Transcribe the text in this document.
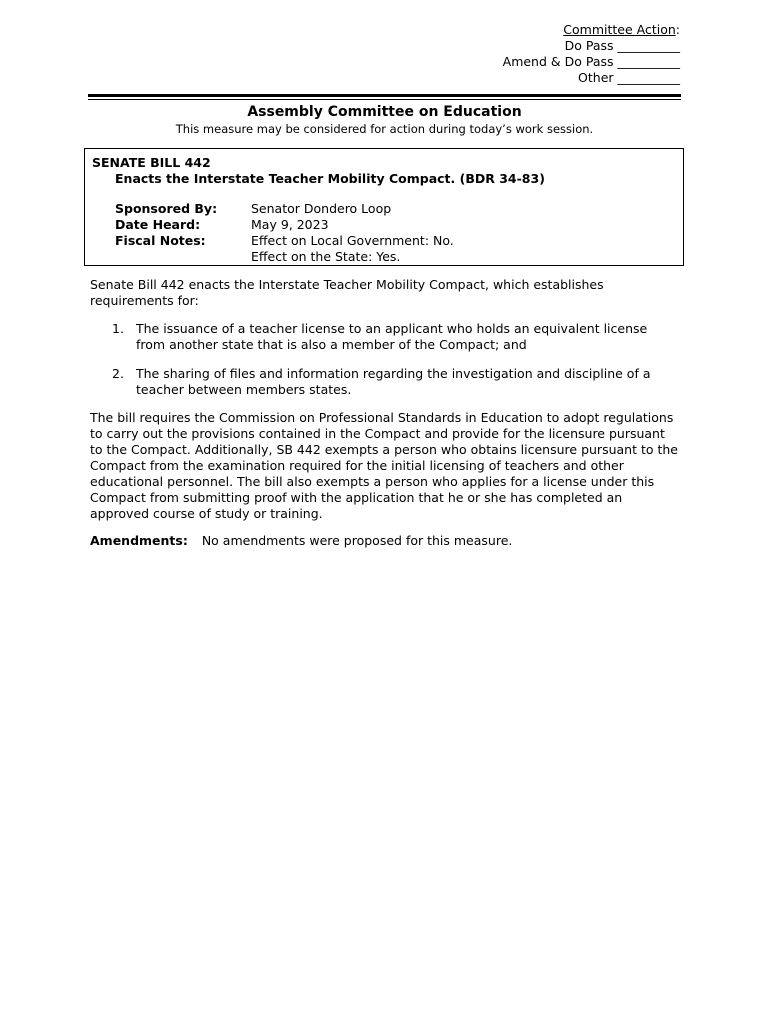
Committee Action:
Do Pass __________
Amend & Do Pass __________
Other __________
Assembly Committee on Education
This measure may be considered for action during today’s work session.
SENATE BILL 442
Enacts the Interstate Teacher Mobility Compact. (BDR 34-83)
Sponsored By:	Senator Dondero Loop
Date Heard:	May 9, 2023
Fiscal Notes:	Effect on Local Government: No.
Effect on the State: Yes.
Senate Bill 442 enacts the Interstate Teacher Mobility Compact, which establishes requirements for:
1. The issuance of a teacher license to an applicant who holds an equivalent license from another state that is also a member of the Compact; and
2. The sharing of files and information regarding the investigation and discipline of a teacher between members states.
The bill requires the Commission on Professional Standards in Education to adopt regulations to carry out the provisions contained in the Compact and provide for the licensure pursuant to the Compact. Additionally, SB 442 exempts a person who obtains licensure pursuant to the Compact from the examination required for the initial licensing of teachers and other educational personnel. The bill also exempts a person who applies for a license under this Compact from submitting proof with the application that he or she has completed an approved course of study or training.
Amendments: No amendments were proposed for this measure.
